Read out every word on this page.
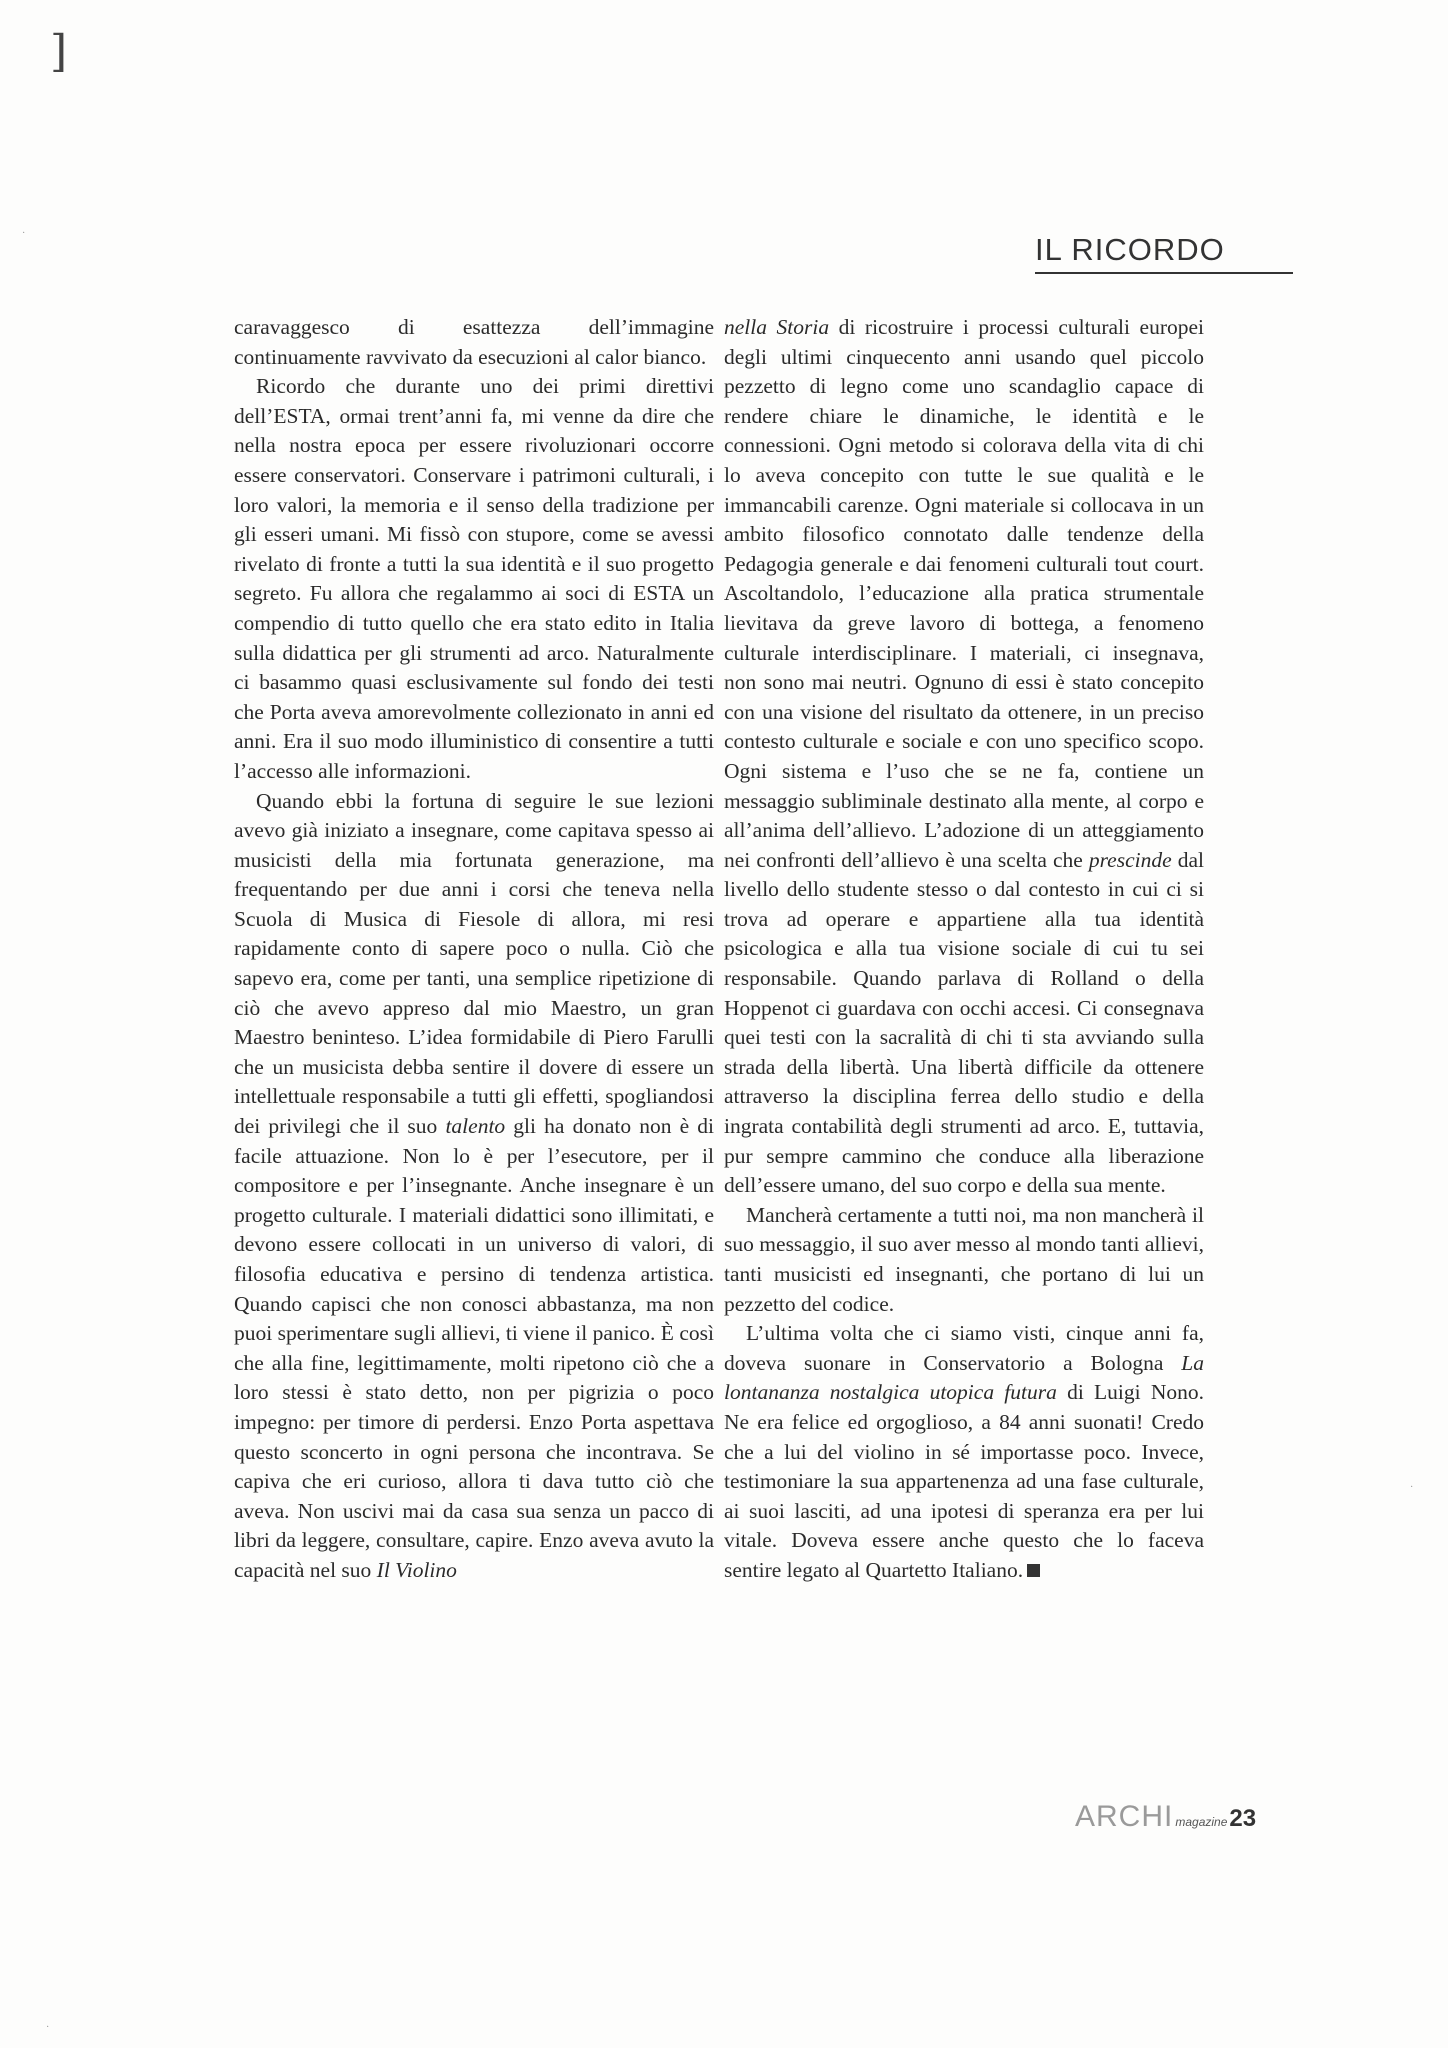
]
IL RICORDO

caravaggesco di esattezza dell’immagine continuamente ravvivato da esecuzioni al calor bianco.

Ricordo che durante uno dei primi direttivi dell’ESTA, ormai trent’anni fa, mi venne da dire che nella nostra epoca per essere rivoluzionari occorre essere conservatori. Conservare i patrimoni culturali, i loro valori, la memoria e il senso della tradizione per gli esseri umani. Mi fissò con stupore, come se avessi rivelato di fronte a tutti la sua identità e il suo progetto segreto. Fu allora che regalammo ai soci di ESTA un compendio di tutto quello che era stato edito in Italia sulla didattica per gli strumenti ad arco. Naturalmente ci basammo quasi esclusivamente sul fondo dei testi che Porta aveva amorevolmente collezionato in anni ed anni. Era il suo modo illuministico di consentire a tutti l’accesso alle informazioni.

Quando ebbi la fortuna di seguire le sue lezioni avevo già iniziato a insegnare, come capitava spesso ai musicisti della mia fortunata generazione, ma frequentando per due anni i corsi che teneva nella Scuola di Musica di Fiesole di allora, mi resi rapidamente conto di sapere poco o nulla. Ciò che sapevo era, come per tanti, una semplice ripetizione di ciò che avevo appreso dal mio Maestro, un gran Maestro beninteso. L’idea formidabile di Piero Farulli che un musicista debba sentire il dovere di essere un intellettuale responsabile a tutti gli effetti, spogliandosi dei privilegi che il suo talento gli ha donato non è di facile attuazione. Non lo è per l’esecutore, per il compositore e per l’insegnante. Anche insegnare è un progetto culturale. I materiali didattici sono illimitati, e devono essere collocati in un universo di valori, di filosofia educativa e persino di tendenza artistica. Quando capisci che non conosci abbastanza, ma non puoi sperimentare sugli allievi, ti viene il panico. È così che alla fine, legittimamente, molti ripetono ciò che a loro stessi è stato detto, non per pigrizia o poco impegno: per timore di perdersi. Enzo Porta aspettava questo sconcerto in ogni persona che incontrava. Se capiva che eri curioso, allora ti dava tutto ciò che aveva. Non uscivi mai da casa sua senza un pacco di libri da leggere, consultare, capire. Enzo aveva avuto la capacità nel suo Il Violino

nella Storia di ricostruire i processi culturali europei degli ultimi cinquecento anni usando quel piccolo pezzetto di legno come uno scandaglio capace di rendere chiare le dinamiche, le identità e le connessioni. Ogni metodo si colorava della vita di chi lo aveva concepito con tutte le sue qualità e le immancabili carenze. Ogni materiale si collocava in un ambito filosofico connotato dalle tendenze della Pedagogia generale e dai fenomeni culturali tout court. Ascoltandolo, l’educazione alla pratica strumentale lievitava da greve lavoro di bottega, a fenomeno culturale interdisciplinare. I materiali, ci insegnava, non sono mai neutri. Ognuno di essi è stato concepito con una visione del risultato da ottenere, in un preciso contesto culturale e sociale e con uno specifico scopo. Ogni sistema e l’uso che se ne fa, contiene un messaggio subliminale destinato alla mente, al corpo e all’anima dell’allievo. L’adozione di un atteggiamento nei confronti dell’allievo è una scelta che prescinde dal livello dello studente stesso o dal contesto in cui ci si trova ad operare e appartiene alla tua identità psicologica e alla tua visione sociale di cui tu sei responsabile. Quando parlava di Rolland o della Hoppenot ci guardava con occhi accesi. Ci consegnava quei testi con la sacralità di chi ti sta avviando sulla strada della libertà. Una libertà difficile da ottenere attraverso la disciplina ferrea dello studio e della ingrata contabilità degli strumenti ad arco. E, tuttavia, pur sempre cammino che conduce alla liberazione dell’essere umano, del suo corpo e della sua mente.

Mancherà certamente a tutti noi, ma non mancherà il suo messaggio, il suo aver messo al mondo tanti allievi, tanti musicisti ed insegnanti, che portano di lui un pezzetto del codice.

L’ultima volta che ci siamo visti, cinque anni fa, doveva suonare in Conservatorio a Bologna La lontananza nostalgica utopica futura di Luigi Nono. Ne era felice ed orgoglioso, a 84 anni suonati! Credo che a lui del violino in sé importasse poco. Invece, testimoniare la sua appartenenza ad una fase culturale, ai suoi lasciti, ad una ipotesi di speranza era per lui vitale. Doveva essere anche questo che lo faceva sentire legato al Quartetto Italiano.

ARCHI magazine23
·
·
·
